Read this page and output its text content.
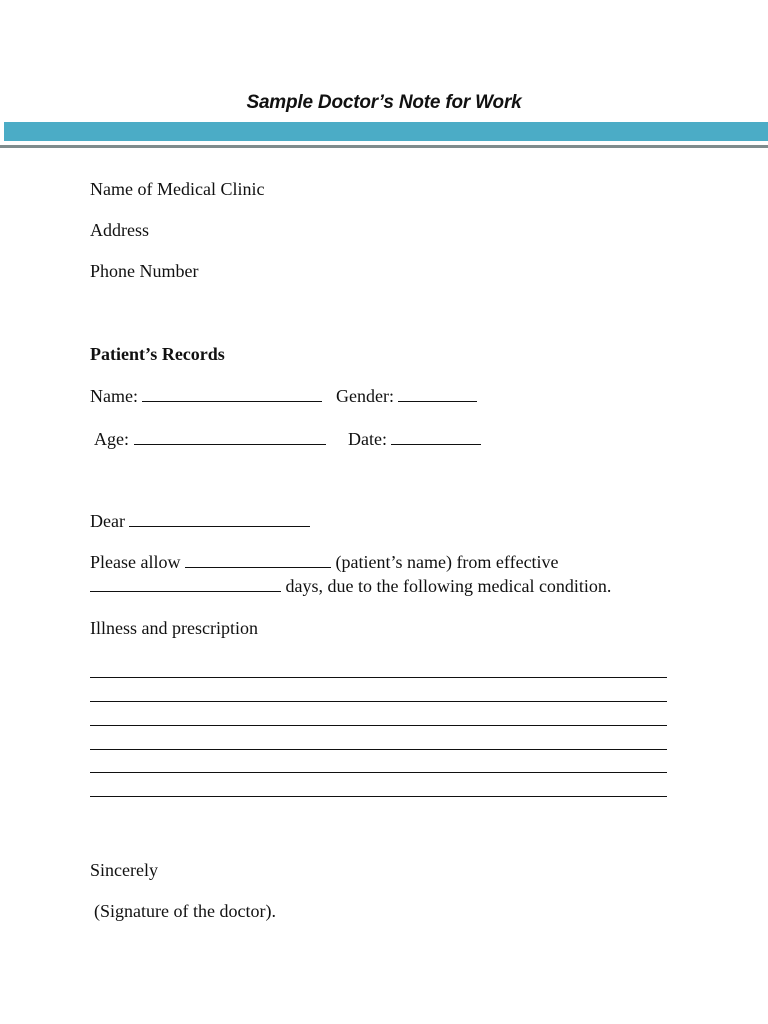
Sample Doctor’s Note for Work
Name of Medical Clinic
Address
Phone Number
Patient’s Records
Name:	Gender:
Age:	Date:
Dear
Please allow	(patient’s name) from effective
days, due to the following medical condition.
Illness and prescription
Sincerely
(Signature of the doctor).
